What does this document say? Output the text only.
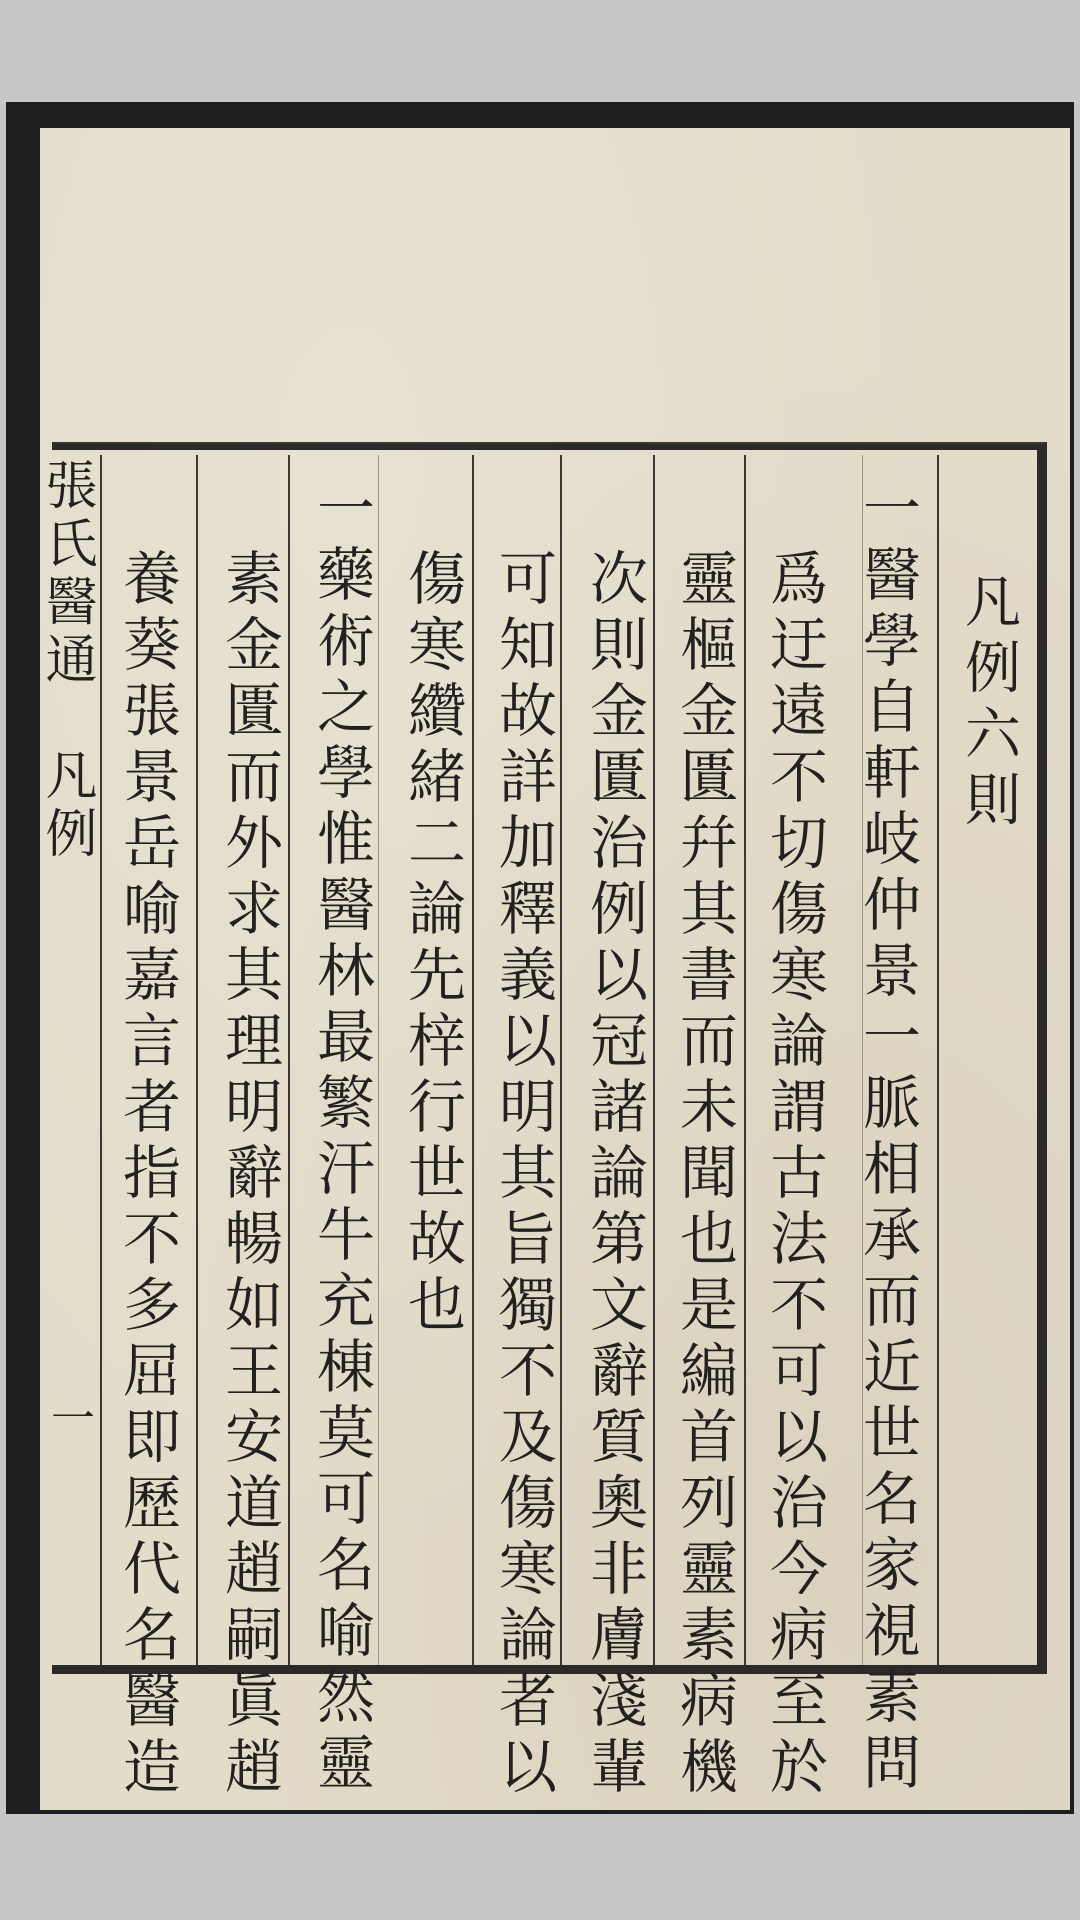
凡例六則
一醫學自軒岐仲景一脈相承而近世名家視素問
爲迂遠不切傷寒論謂古法不可以治今病至於
靈樞金匱幷其書而未聞也是編首列靈素病機
次則金匱治例以冠諸論第文辭質奧非膚淺輩
可知故詳加釋義以明其旨獨不及傷寒論者以
傷寒纘緒二論先梓行世故也
一藥術之學惟醫林最繁汗牛充棟莫可名喻然靈
素金匱而外求其理明辭暢如王安道趙嗣眞趙
養葵張景岳喻嘉言者指不多屈即歷代名醫造
張氏醫通　凡例
一
